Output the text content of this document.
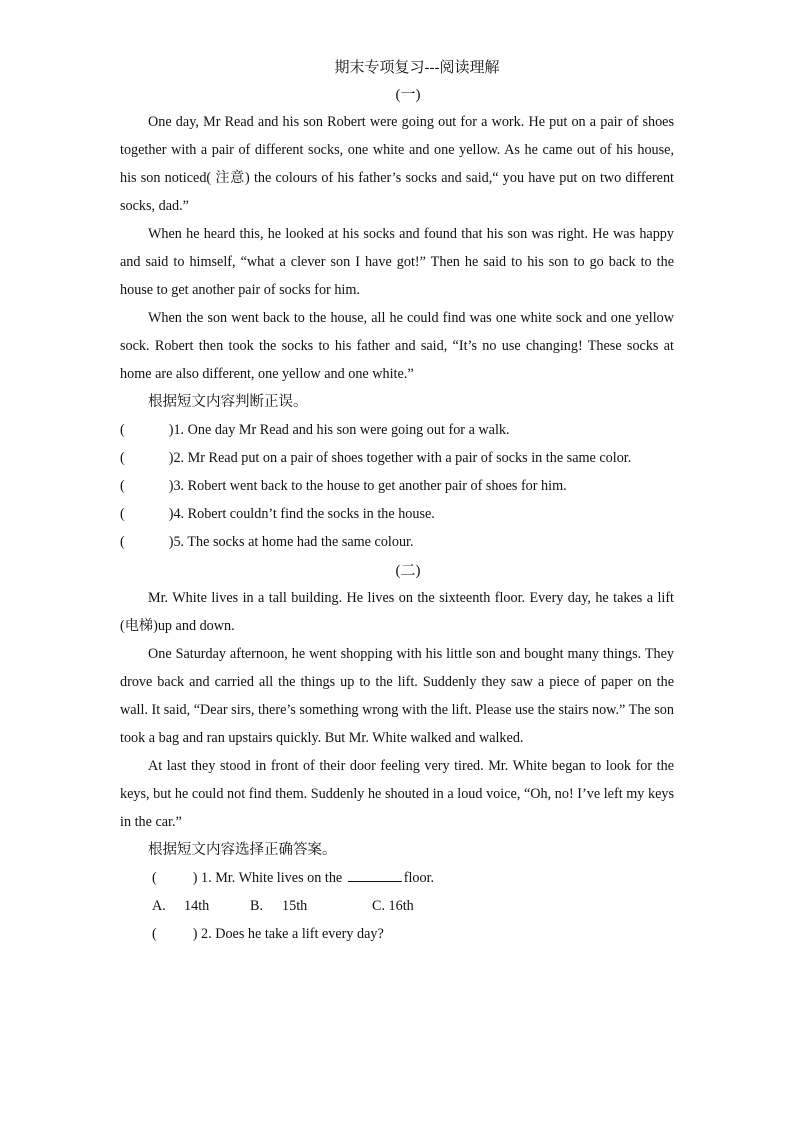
期末专项复习---阅读理解
(一)

One day, Mr Read and his son Robert were going out for a work. He put on a pair of shoes together with a pair of different socks, one white and one yellow. As he came out of his house, his son noticed( 注意) the colours of his father’s socks and said,“ you have put on two different socks, dad.”

When he heard this, he looked at his socks and found that his son was right. He was happy and said to himself, “what a clever son I have got!” Then he said to his son to go back to the house to get another pair of socks for him.

When the son went back to the house, all he could find was one white sock and one yellow sock. Robert then took the socks to his father and said, “It’s no use changing! These socks at home are also different, one yellow and one white.”

根据短文内容判断正误。

(	)1. One day Mr Read and his son were going out for a walk.

(	)2. Mr Read put on a pair of shoes together with a pair of socks in the same color.

(	)3. Robert went back to the house to get another pair of shoes for him.

(	)4. Robert couldn’t find the socks in the house.

(	)5. The socks at home had the same colour.

(二)

Mr. White lives in a tall building. He lives on the sixteenth floor. Every day, he takes a lift (电梯)up and down.

One Saturday afternoon, he went shopping with his little son and bought many things. They drove back and carried all the things up to the lift. Suddenly they saw a piece of paper on the wall. It said, “Dear sirs, there’s something wrong with the lift. Please use the stairs now.” The son took a bag and ran upstairs quickly. But Mr. White walked and walked.

At last they stood in front of their door feeling very tired. Mr. White began to look for the keys, but he could not find them. Suddenly he shouted in a loud voice, “Oh, no! I’ve left my keys in the car.”

根据短文内容选择正确答案。

(	) 1. Mr. White lives on the	floor.

A. 14th	B. 15th	C. 16th

(	) 2. Does he take a lift every day?
